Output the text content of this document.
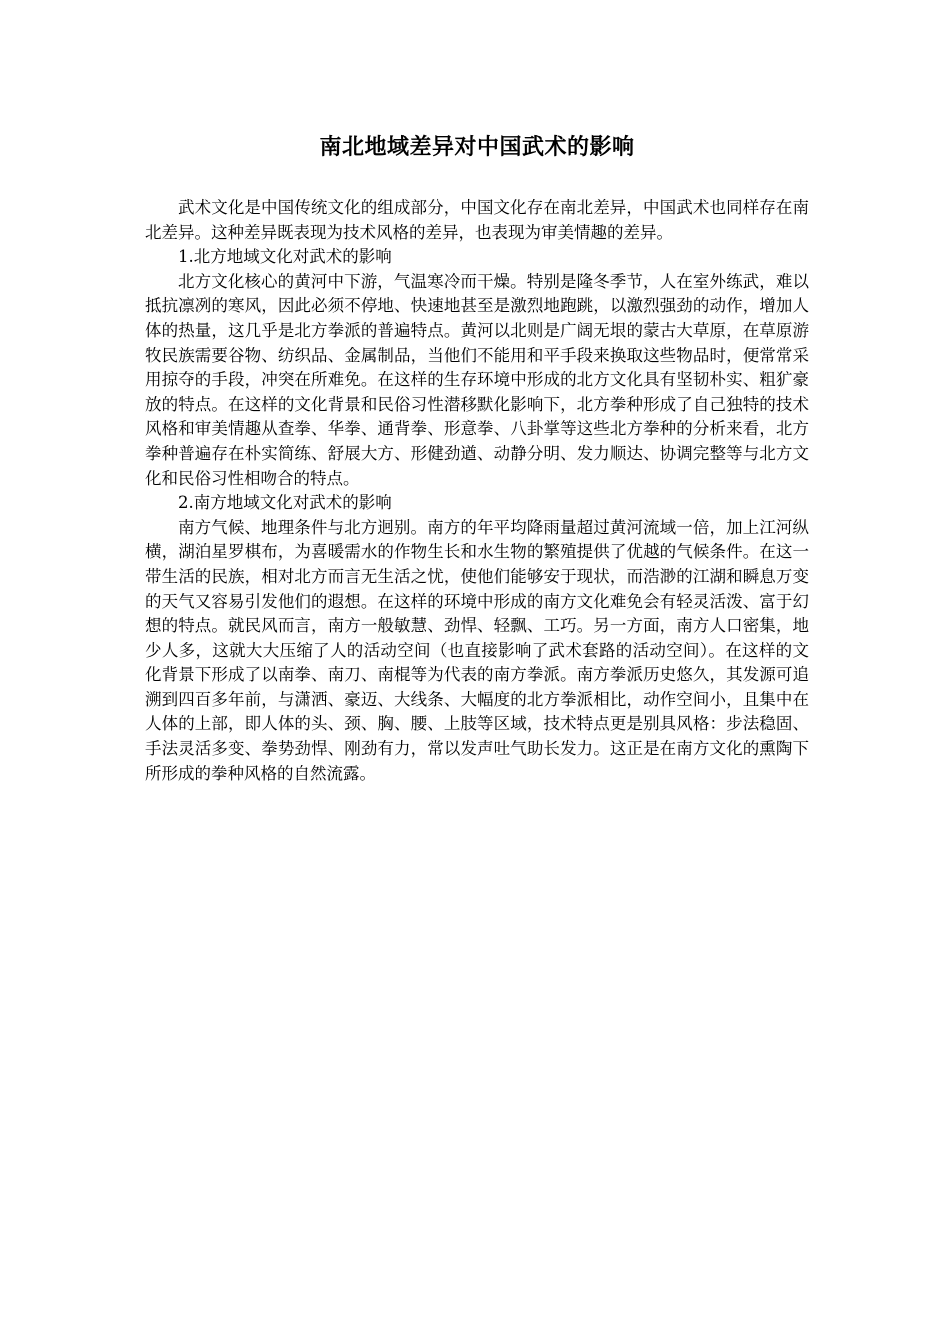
南北地域差异对中国武术的影响

武术文化是中国传统文化的组成部分，中国文化存在南北差异，中国武术也同样存在南北差异。这种差异既表现为技术风格的差异，也表现为审美情趣的差异。

1.北方地域文化对武术的影响

北方文化核心的黄河中下游，气温寒冷而干燥。特别是隆冬季节，人在室外练武，难以抵抗凛冽的寒风，因此必须不停地、快速地甚至是激烈地跑跳，以激烈强劲的动作，增加人体的热量，这几乎是北方拳派的普遍特点。黄河以北则是广阔无垠的蒙古大草原，在草原游牧民族需要谷物、纺织品、金属制品，当他们不能用和平手段来换取这些物品时，便常常采用掠夺的手段，冲突在所难免。在这样的生存环境中形成的北方文化具有坚韧朴实、粗犷豪放的特点。在这样的文化背景和民俗习性潜移默化影响下，北方拳种形成了自己独特的技术风格和审美情趣从查拳、华拳、通背拳、形意拳、八卦掌等这些北方拳种的分析来看，北方拳种普遍存在朴实简练、舒展大方、形健劲遒、动静分明、发力顺达、协调完整等与北方文化和民俗习性相吻合的特点。

2.南方地域文化对武术的影响

南方气候、地理条件与北方迥别。南方的年平均降雨量超过黄河流域一倍，加上江河纵横，湖泊星罗棋布，为喜暖需水的作物生长和水生物的繁殖提供了优越的气候条件。在这一带生活的民族，相对北方而言无生活之忧，使他们能够安于现状，而浩渺的江湖和瞬息万变的天气又容易引发他们的遐想。在这样的环境中形成的南方文化难免会有轻灵活泼、富于幻想的特点。就民风而言，南方一般敏慧、劲悍、轻飘、工巧。另一方面，南方人口密集，地少人多，这就大大压缩了人的活动空间（也直接影响了武术套路的活动空间）。在这样的文化背景下形成了以南拳、南刀、南棍等为代表的南方拳派。南方拳派历史悠久，其发源可追溯到四百多年前，与潇洒、豪迈、大线条、大幅度的北方拳派相比，动作空间小，且集中在人体的上部，即人体的头、颈、胸、腰、上肢等区域，技术特点更是别具风格：步法稳固、手法灵活多变、拳势劲悍、刚劲有力，常以发声吐气助长发力。这正是在南方文化的熏陶下所形成的拳种风格的自然流露。
